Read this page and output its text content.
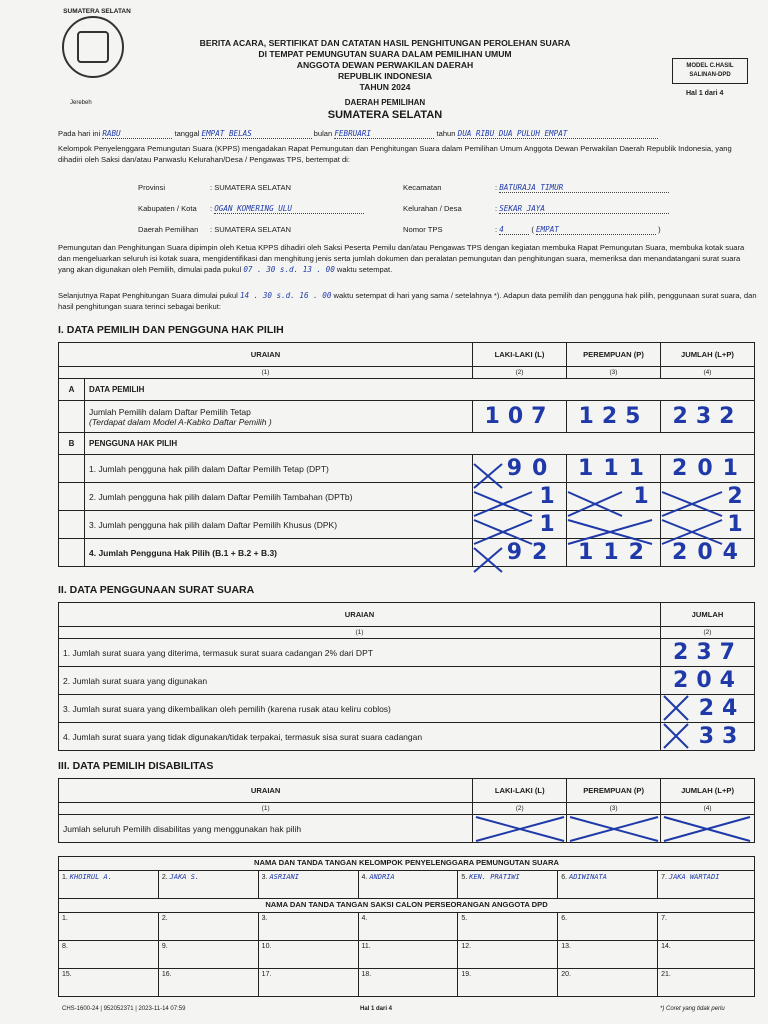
SUMATERA SELATAN
Jerebeh
BERITA ACARA, SERTIFIKAT DAN CATATAN HASIL PENGHITUNGAN PEROLEHAN SUARA
DI TEMPAT PEMUNGUTAN SUARA DALAM PEMILIHAN UMUM
ANGGOTA DEWAN PERWAKILAN DAERAH
REPUBLIK INDONESIA
TAHUN 2024
MODEL C.HASIL SALINAN-DPD
Hal 1 dari 4
DAERAH PEMILIHAN
SUMATERA SELATAN
Pada hari ini RABU	tanggal EMPAT BELAS	bulan FEBRUARI	tahun DUA RIBU DUA PULUH EMPAT
Kelompok Penyelenggara Pemungutan Suara (KPPS) mengadakan Rapat Pemungutan dan Penghitungan Suara dalam Pemilihan Umum Anggota Dewan Perwakilan Daerah Republik Indonesia, yang dihadiri oleh Saksi dan/atau Panwaslu Kelurahan/Desa / Pengawas TPS, bertempat di:
Provinsi	: SUMATERA SELATAN
Kabupaten / Kota : OGAN KOMERING ULU
Daerah Pemilihan : SUMATERA SELATAN
Kecamatan	: BATURAJA TIMUR
Kelurahan / Desa	: SEKAR JAYA
Nomor TPS	: 4	( EMPAT	)
Pemungutan dan Penghitungan Suara dipimpin oleh Ketua KPPS dihadiri oleh Saksi Peserta Pemilu dan/atau Pengawas TPS dengan kegiatan membuka Rapat Pemungutan Suara, membuka kotak suara dan mengeluarkan seluruh isi kotak suara, mengidentifikasi dan menghitung jenis serta jumlah dokumen dan peralatan pemungutan dan penghitungan suara, memeriksa dan menandatangani surat suara yang akan digunakan oleh Pemilih, dimulai pada pukul 07 . 30 s.d. 13 . 00 waktu setempat.
Selanjutnya Rapat Penghitungan Suara dimulai pukul 14 . 30 s.d. 16 . 00 waktu setempat di hari yang sama / setelahnya *). Adapun data pemilih dan pengguna hak pilih, penggunaan surat suara, dan hasil penghitungan suara terinci sebagai berikut:
I. DATA PEMILIH DAN PENGGUNA HAK PILIH
URAIAN		LAKI-LAKI (L)	PEREMPUAN (P)	JUMLAH (L+P)
(1)		(2)	(3)	(4)
A	DATA PEMILIH			

	Jumlah Pemilih dalam Daftar Pemilih Tetap
(Terdapat dalam Model A-Kabko Daftar Pemilih )	107	125	232
B	PENGGUNA HAK PILIH			
	1. Jumlah pengguna hak pilih dalam Daftar Pemilih Tetap (DPT)	90	111	201
	2. Jumlah pengguna hak pilih dalam Daftar Pemilih Tambahan (DPTb)	1	1	2
	3. Jumlah pengguna hak pilih dalam Daftar Pemilih Khusus (DPK)	1		1
	4. Jumlah Pengguna Hak Pilih (B.1 + B.2 + B.3)	92	112	204
II. DATA PENGGUNAAN SURAT SUARA
URAIAN	JUMLAH
(1)	(2)
1. Jumlah surat suara yang diterima, termasuk surat suara cadangan 2% dari DPT	237
2. Jumlah surat suara yang digunakan	204
3. Jumlah surat suara yang dikembalikan oleh pemilih (karena rusak atau keliru coblos)	24
4. Jumlah surat suara yang tidak digunakan/tidak terpakai, termasuk sisa surat suara cadangan	33
III. DATA PEMILIH DISABILITAS
URAIAN	LAKI-LAKI (L)	PEREMPUAN (P)	JUMLAH (L+P)
(1)	(2)	(3)	(4)
Jumlah seluruh Pemilih disabilitas yang menggunakan hak pilih			
NAMA DAN TANDA TANGAN KELOMPOK PENYELENGGARA PEMUNGUTAN SUARA						
1. KHOIRUL A.	2. JAKA S.	3. ASRIANI	4. ANDRIA	5. KEN. PRATIWI	6. ADIWINATA	7. JAKA WARTADI
NAMA DAN TANDA TANGAN SAKSI CALON PERSEORANGAN ANGGOTA DPD						
1.	2.	3.	4.	5.	6.	7.
8.	9.	10.	11.	12.	13.	14.
15.	16.	17.	18.	19.	20.	21.
CHS-1600-24 | 952052371 | 2023-11-14 07:59	Hal 1 dari 4	*) Coret yang tidak perlu
